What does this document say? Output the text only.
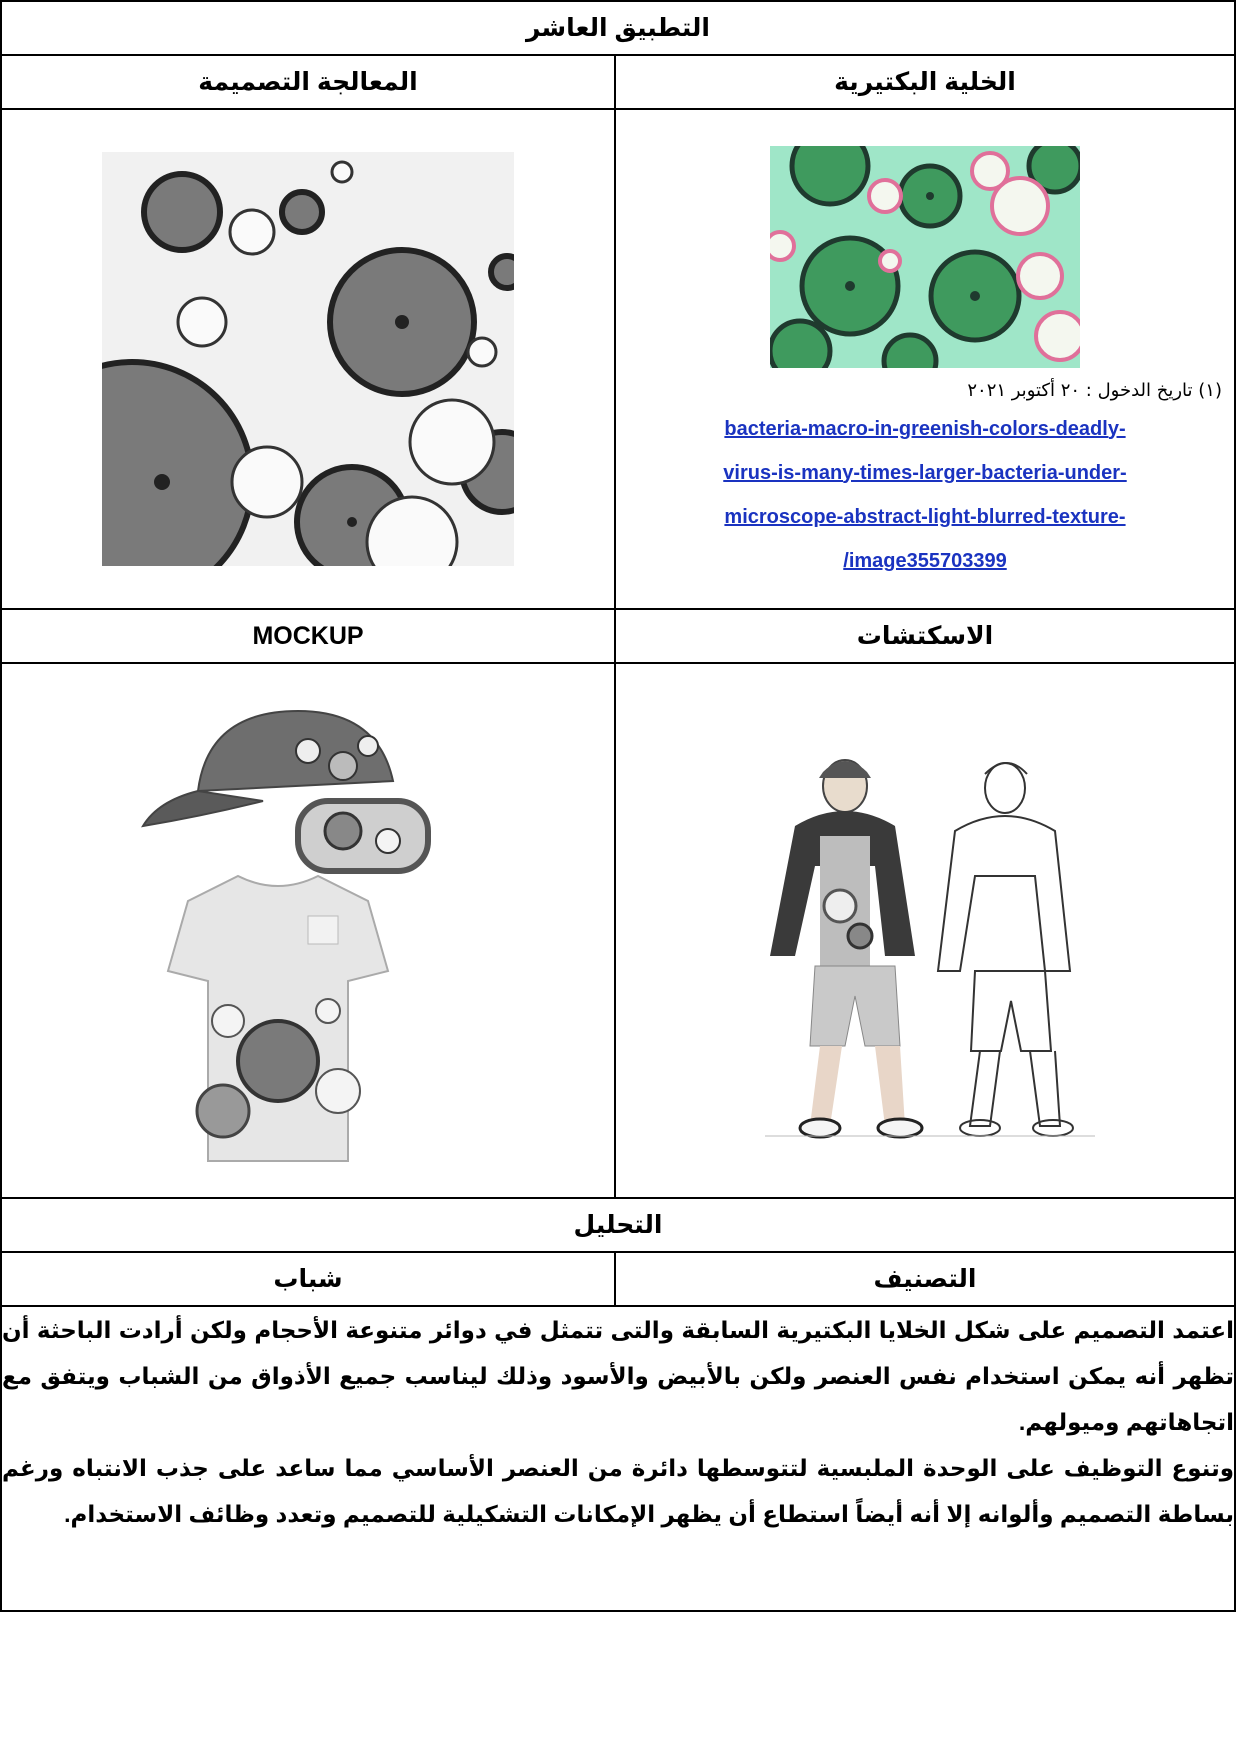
التطبيق العاشر	
الخلية البكتيرية	المعالجة التصميمة

(١) تاريخ الدخول : ٢٠ أكتوبر ٢٠٢١
bacteria-macro-in-greenish-colors-deadly-
virus-is-many-times-larger-bacteria-under-
microscope-abstract-light-blurred-texture-
/image355703399

الاسكتشات	MOCKUP

التحليل	
التصنيف	شباب

اعتمد التصميم على شكل الخلايا البكتيرية السابقة والتى تتمثل في دوائر متنوعة الأحجام ولكن أرادت الباحثة أن تظهر أنه يمكن استخدام نفس العنصر ولكن بالأبيض والأسود وذلك ليناسب جميع الأذواق من الشباب ويتفق مع اتجاهاتهم وميولهم.

وتنوع التوظيف على الوحدة الملبسية لتتوسطها دائرة من العنصر الأساسي مما ساعد على جذب الانتباه ورغم بساطة التصميم وألوانه إلا أنه أيضاً استطاع أن يظهر الإمكانات التشكيلية للتصميم وتعدد وظائف الاستخدام.	
